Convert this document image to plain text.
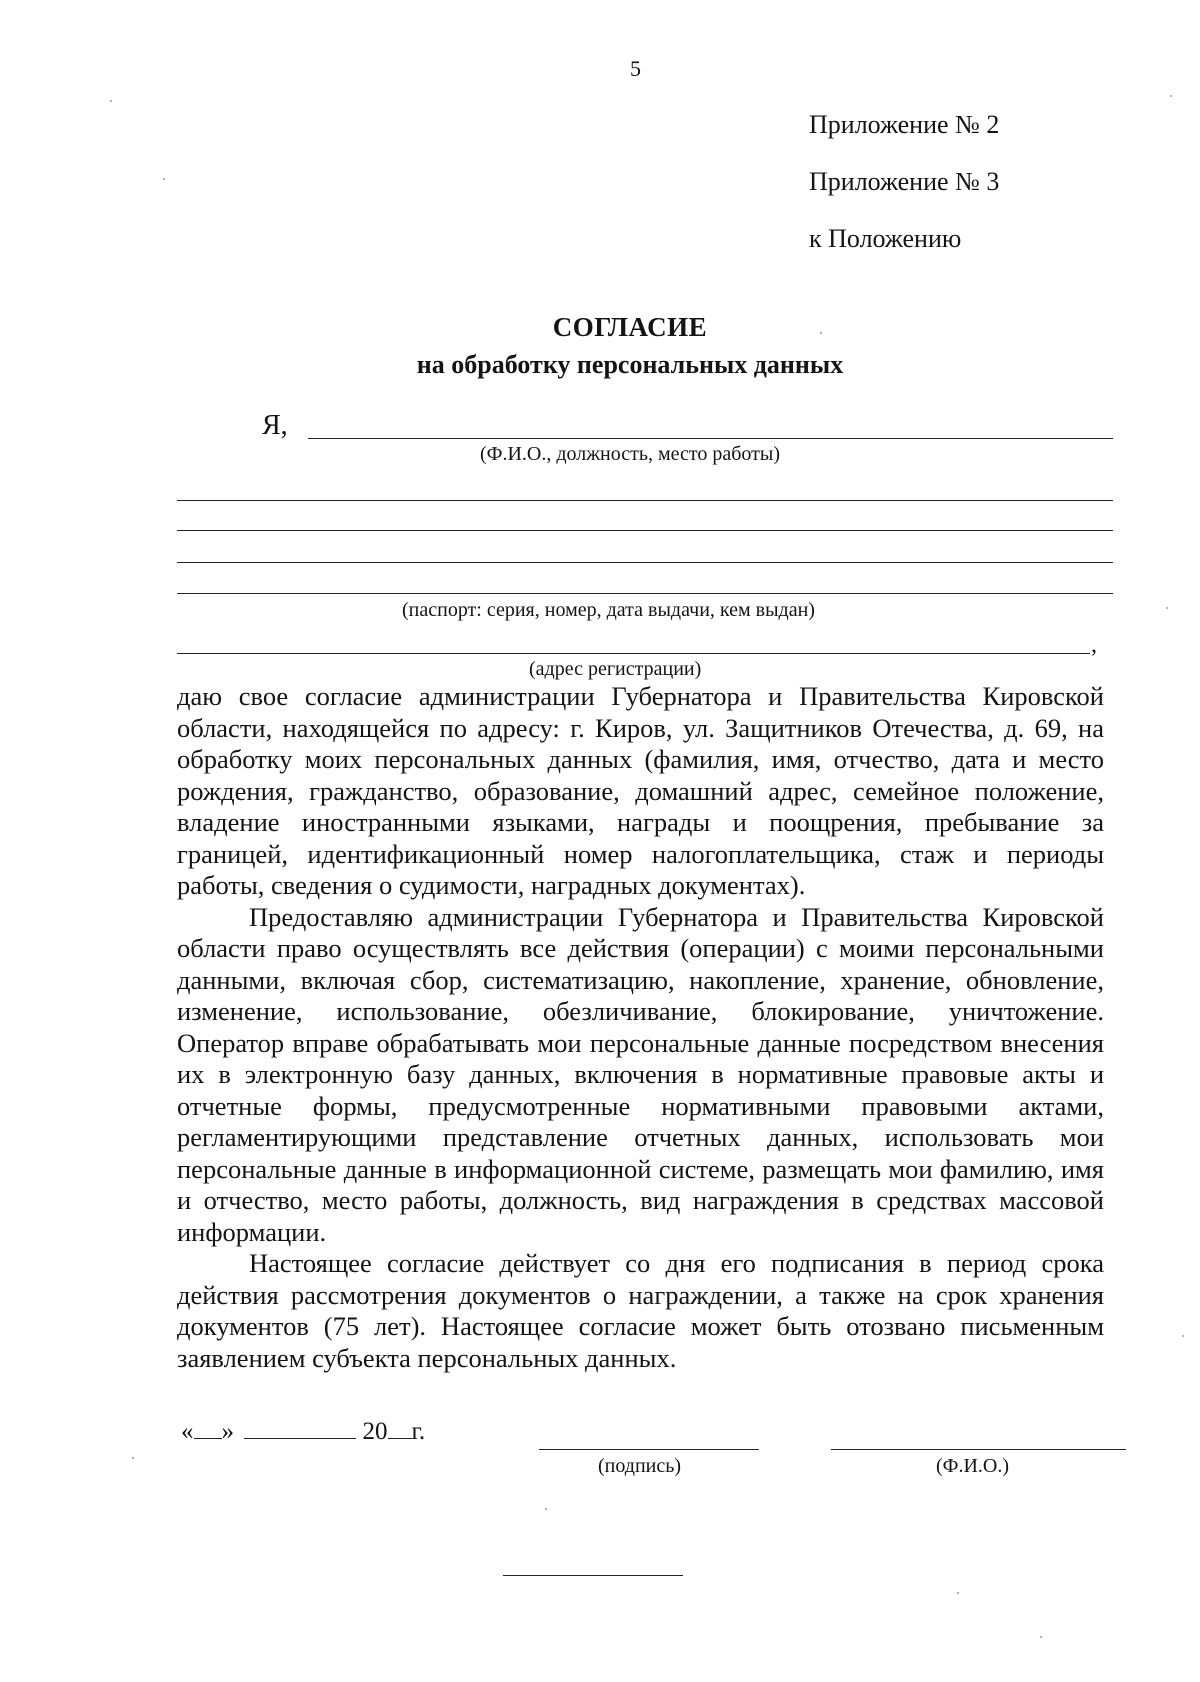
5
Приложение № 2
Приложение № 3
к Положению
СОГЛАСИЕ
на обработку персональных данных
Я,
(Ф.И.О., должность, место работы)
(паспорт: серия, номер, дата выдачи, кем выдан)
,
(адрес регистрации)

даю свое согласие администрации Губернатора и Правительства Кировской области, находящейся по адресу: г. Киров, ул. Защитников Отечества, д. 69, на обработку моих персональных данных (фамилия, имя, отчество, дата и место рождения, гражданство, образование, домашний адрес, семейное положение, владение иностранными языками, награды и поощрения, пребывание за границей, идентификационный номер налогоплательщика, стаж и периоды работы, сведения о судимости, наградных документах).

Предоставляю администрации Губернатора и Правительства Кировской области право осуществлять все действия (операции) с моими персональными данными, включая сбор, систематизацию, накопление, хранение, обновление, изменение, использование, обезличивание, блокирование, уничтожение. Оператор вправе обрабатывать мои персональные данные посредством внесения их в электронную базу данных, включения в нормативные правовые акты и отчетные формы, предусмотренные нормативными правовыми актами, регламентирующими представление отчетных данных, использовать мои персональные данные в информационной системе, размещать мои фамилию, имя и отчество, место работы, должность, вид награждения в средствах массовой информации.

Настоящее согласие действует со дня его подписания в период срока действия рассмотрения документов о награждении, а также на срок хранения документов (75 лет). Настоящее согласие может быть отозвано письменным заявлением субъекта персональных данных.

« »	20 г.
(подпись)	(Ф.И.О.)
